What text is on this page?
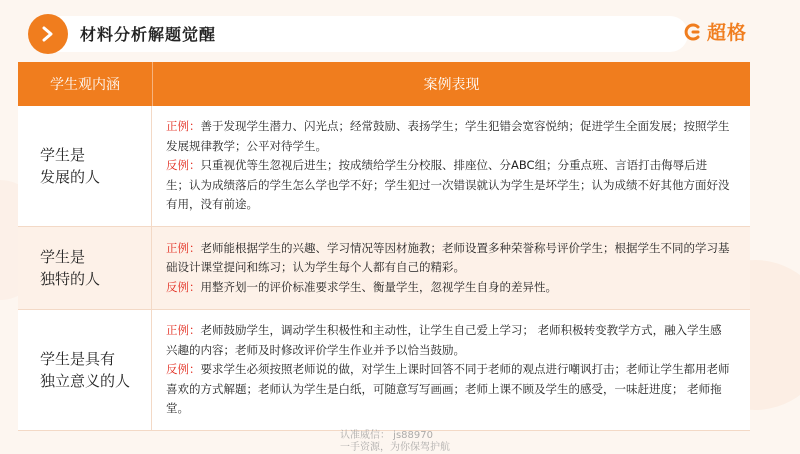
材料分析解题觉醒	超格
学生观内涵	案例表现
学生是
发展的人
正例：善于发现学生潜力、闪光点；经常鼓励、表扬学生；学生犯错会宽容悦纳；促进学生全面发展；按照学生发展规律教学；公平对待学生。
反例：只重视优等生忽视后进生；按成绩给学生分校服、排座位、分ABC组；分重点班、言语打击侮辱后进生；认为成绩落后的学生怎么学也学不好；学生犯过一次错误就认为学生是坏学生；认为成绩不好其他方面好没有用，没有前途。
学生是
独特的人
正例：老师能根据学生的兴趣、学习情况等因材施教；老师设置多种荣誉称号评价学生；根据学生不同的学习基础设计课堂提问和练习；认为学生每个人都有自己的精彩。
反例：用整齐划一的评价标准要求学生、衡量学生，忽视学生自身的差异性。
学生是具有
独立意义的人
正例：老师鼓励学生，调动学生积极性和主动性，让学生自己爱上学习； 老师积极转变教学方式，融入学生感兴趣的内容；老师及时修改评价学生作业并予以恰当鼓励。
反例：要求学生必须按照老师说的做，对学生上课时回答不同于老师的观点进行嘲讽打击；老师让学生都用老师喜欢的方式解题；老师认为学生是白纸，可随意写写画画；老师上课不顾及学生的感受，一味赶进度； 老师拖堂。
认准威信： js88970
一手资源，为你保驾护航
